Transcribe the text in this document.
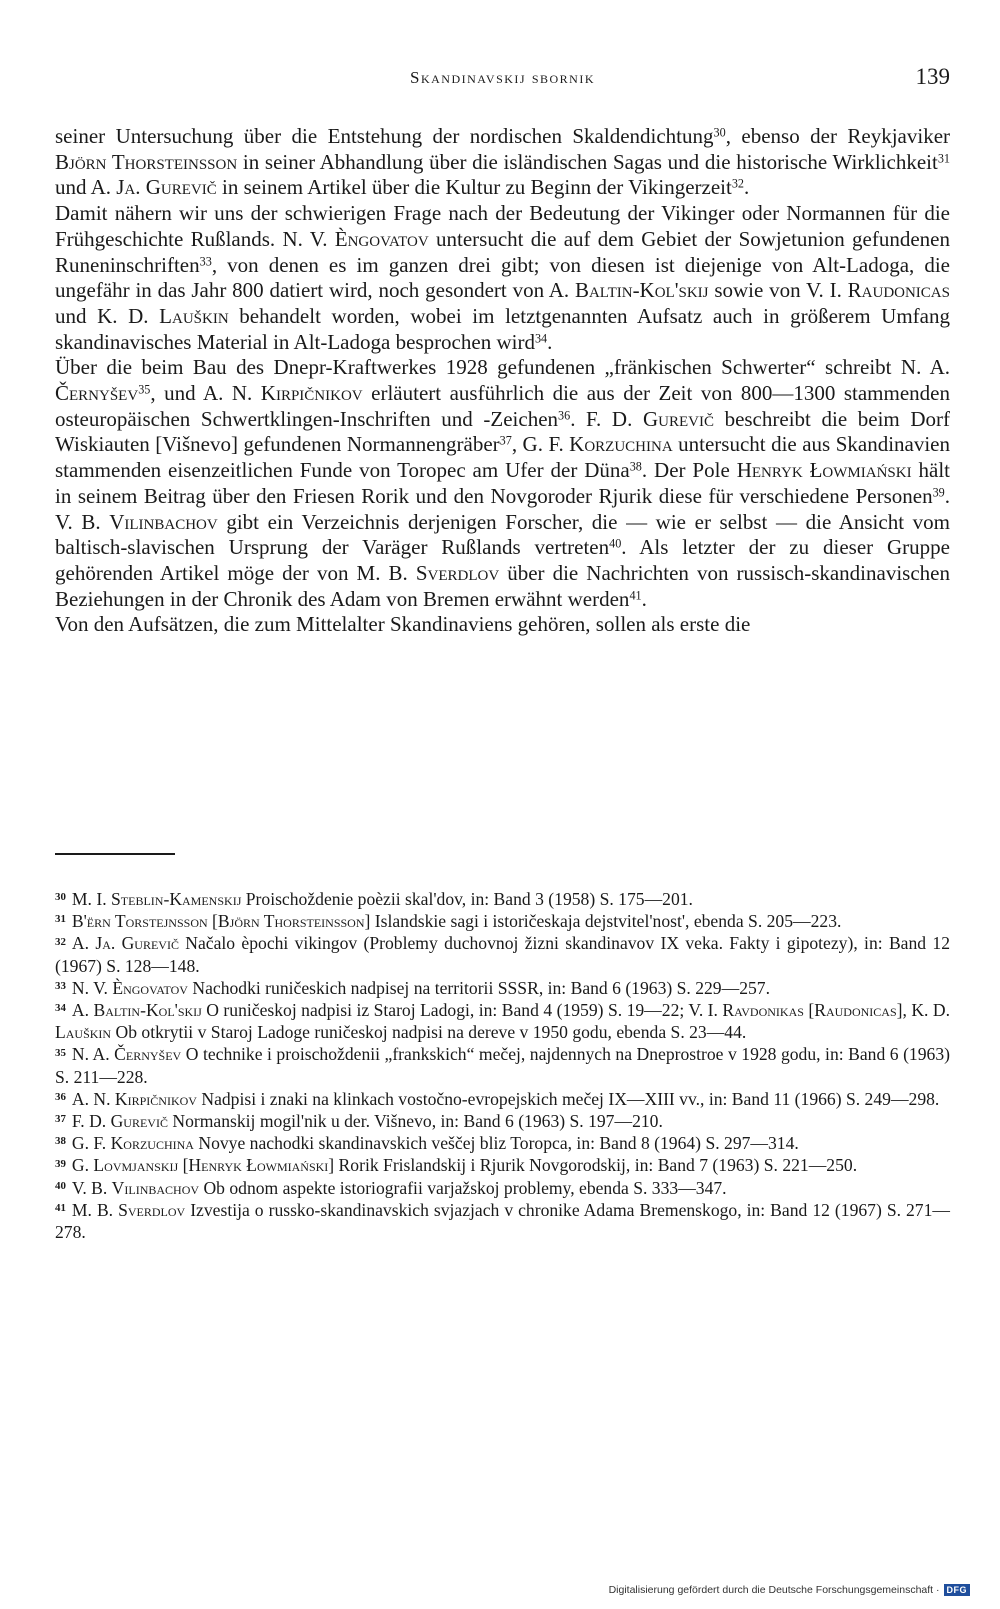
Skandinavskij sbornik	139

seiner Untersuchung über die Entstehung der nordischen Skaldendichtung$^{30}$, ebenso der Reykjaviker Björn Thorsteinsson in seiner Abhandlung über die isländischen Sagas und die historische Wirklichkeit$^{31}$ und A. Ja. Gurevič in seinem Artikel über die Kultur zu Beginn der Vikingerzeit$^{32}$.

Damit nähern wir uns der schwierigen Frage nach der Bedeutung der Vikinger oder Normannen für die Frühgeschichte Rußlands. N. V. Èngovatov untersucht die auf dem Gebiet der Sowjetunion gefundenen Runeninschriften$^{33}$, von denen es im ganzen drei gibt; von diesen ist diejenige von Alt-Ladoga, die ungefähr in das Jahr 800 datiert wird, noch gesondert von A. Baltin-Kol'skij sowie von V. I. Raudonicas und K. D. Lauškin behandelt worden, wobei im letztgenannten Aufsatz auch in größerem Umfang skandinavisches Material in Alt-Ladoga besprochen wird$^{34}$.

Über die beim Bau des Dnepr-Kraftwerkes 1928 gefundenen „fränkischen Schwerter“ schreibt N. A. Černyšev$^{35}$, und A. N. Kirpičnikov erläutert ausführlich die aus der Zeit von 800—1300 stammenden osteuropäischen Schwertklingen-Inschriften und -Zeichen$^{36}$. F. D. Gurevič beschreibt die beim Dorf Wiskiauten [Višnevo] gefundenen Normannengräber$^{37}$, G. F. Korzuchina untersucht die aus Skandinavien stammenden eisenzeitlichen Funde von Toropec am Ufer der Düna$^{38}$. Der Pole Henryk Łowmiański hält in seinem Beitrag über den Friesen Rorik und den Novgoroder Rjurik diese für verschiedene Personen$^{39}$. V. B. Vilinbachov gibt ein Verzeichnis derjenigen Forscher, die — wie er selbst — die Ansicht vom baltisch-slavischen Ursprung der Varäger Rußlands vertreten$^{40}$. Als letzter der zu dieser Gruppe gehörenden Artikel möge der von M. B. Sverdlov über die Nachrichten von russisch-skandinavischen Beziehungen in der Chronik des Adam von Bremen erwähnt werden$^{41}$.

Von den Aufsätzen, die zum Mittelalter Skandinaviens gehören, sollen als erste die

$^{30}$ M. I. Steblin-Kamenskij Proischoždenie poèzii skal'dov, in: Band 3 (1958) S. 175—201.

$^{31}$ B'ërn Torstejnsson [Björn Thorsteinsson] Islandskie sagi i istoričeskaja dejstvitel'nost', ebenda S. 205—223.

$^{32}$ A. Ja. Gurevič Načalo èpochi vikingov (Problemy duchovnoj žizni skandinavov IX veka. Fakty i gipotezy), in: Band 12 (1967) S. 128—148.

$^{33}$ N. V. Èngovatov Nachodki runičeskich nadpisej na territorii SSSR, in: Band 6 (1963) S. 229—257.

$^{34}$ A. Baltin-Kol'skij O runičeskoj nadpisi iz Staroj Ladogi, in: Band 4 (1959) S. 19—22; V. I. Ravdonikas [Raudonicas], K. D. Lauškin Ob otkrytii v Staroj Ladoge runičeskoj nadpisi na dereve v 1950 godu, ebenda S. 23—44.

$^{35}$ N. A. Černyšev O technike i proischoždenii „frankskich“ mečej, najdennych na Dneprostroe v 1928 godu, in: Band 6 (1963) S. 211—228.

$^{36}$ A. N. Kirpičnikov Nadpisi i znaki na klinkach vostočno-evropejskich mečej IX—XIII vv., in: Band 11 (1966) S. 249—298.

$^{37}$ F. D. Gurevič Normanskij mogil'nik u der. Višnevo, in: Band 6 (1963) S. 197—210.

$^{38}$ G. F. Korzuchina Novye nachodki skandinavskich veščej bliz Toropca, in: Band 8 (1964) S. 297—314.

$^{39}$ G. Lovmjanskij [Henryk Łowmiański] Rorik Frislandskij i Rjurik Novgorodskij, in: Band 7 (1963) S. 221—250.

$^{40}$ V. B. Vilinbachov Ob odnom aspekte istoriografii varjažskoj problemy, ebenda S. 333—347.

$^{41}$ M. B. Sverdlov Izvestija o russko-skandinavskich svjazjach v chronike Adama Bremenskogo, in: Band 12 (1967) S. 271—278.

Digitalisierung gefördert durch die Deutsche Forschungsgemeinschaft · DFG
